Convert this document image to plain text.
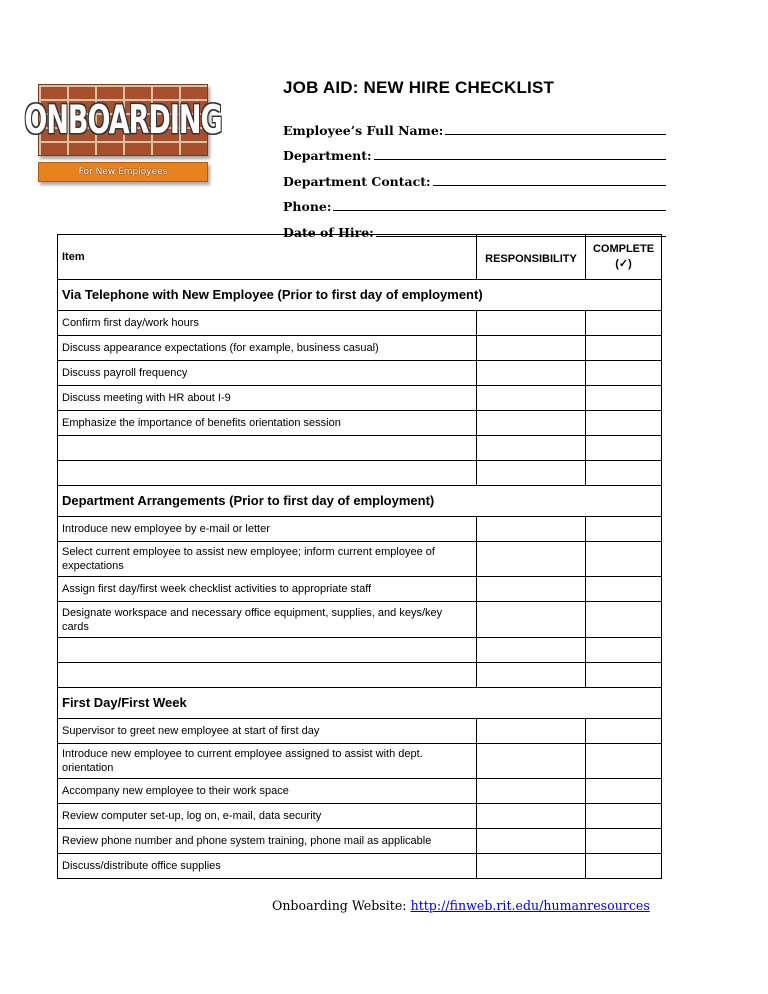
ONBOARDING
For New Employees
JOB AID: NEW HIRE CHECKLIST
Employee’s Full Name:
Department:
Department Contact:
Phone:
Date of Hire:
Item	RESPONSIBILITY	COMPLETE
(✓)
Via Telephone with New Employee (Prior to first day of employment)		
Confirm first day/work hours		
Discuss appearance expectations (for example, business casual)		
Discuss payroll frequency		
Discuss meeting with HR about I-9		
Emphasize the importance of benefits orientation session		

Department Arrangements (Prior to first day of employment)		
Introduce new employee by e-mail or letter		
Select current employee to assist new employee; inform current employee of expectations		
Assign first day/first week checklist activities to appropriate staff		
Designate workspace and necessary office equipment, supplies, and keys/key cards		

First Day/First Week		
Supervisor to greet new employee at start of first day		
Introduce new employee to current employee assigned to assist with dept. orientation		
Accompany new employee to their work space		
Review computer set-up, log on, e-mail, data security		
Review phone number and phone system training, phone mail as applicable		
Discuss/distribute office supplies		
Onboarding Website: http://finweb.rit.edu/humanresources
